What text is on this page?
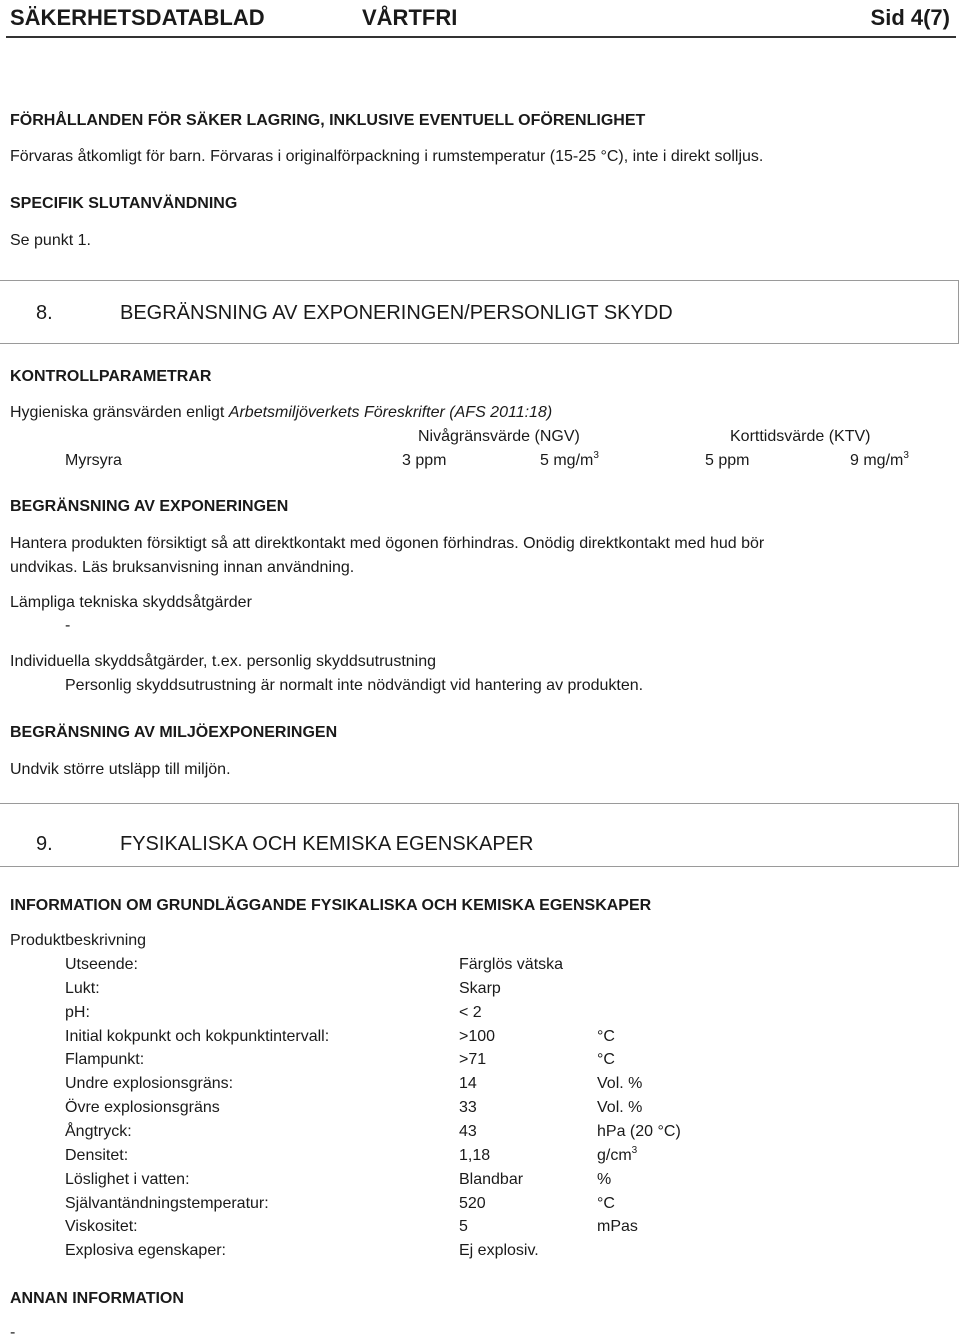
SÄKERHETSDATABLAD	VÅRTFRI	Sid 4(7)
FÖRHÅLLANDEN FÖR SÄKER LAGRING, INKLUSIVE EVENTUELL OFÖRENLIGHET
Förvaras åtkomligt för barn. Förvaras i originalförpackning i rumstemperatur (15-25 °C), inte i direkt solljus.
SPECIFIK SLUTANVÄNDNING
Se punkt 1.
8.	BEGRÄNSNING AV EXPONERINGEN/PERSONLIGT SKYDD
KONTROLLPARAMETRAR
Hygieniska gränsvärden enligt Arbetsmiljöverkets Föreskrifter (AFS 2011:18)
Nivågränsvärde (NGV)	Korttidsvärde (KTV)
Myrsyra	3 ppm	5 $mg/m^3$	5 ppm	9 $mg/m^3$
BEGRÄNSNING AV EXPONERINGEN
Hantera produkten försiktigt så att direktkontakt med ögonen förhindras. Onödig direktkontakt med hud bör
undvikas. Läs bruksanvisning innan användning.
Lämpliga tekniska skyddsåtgärder
-
Individuella skyddsåtgärder, t.ex. personlig skyddsutrustning
Personlig skyddsutrustning är normalt inte nödvändigt vid hantering av produkten.
BEGRÄNSNING AV MILJÖEXPONERINGEN
Undvik större utsläpp till miljön.
9.	FYSIKALISKA OCH KEMISKA EGENSKAPER
INFORMATION OM GRUNDLÄGGANDE FYSIKALISKA OCH KEMISKA EGENSKAPER
Produktbeskrivning
Utseende:	Färglös vätska
Lukt:	Skarp
pH:	< 2
Initial kokpunkt och kokpunktintervall:	>100	°C
Flampunkt:	>71	°C
Undre explosionsgräns:	14	Vol. %
Övre explosionsgräns	33	Vol. %
Ångtryck:	43	hPa (20 °C)
Densitet:	1,18	$g/cm^3$
Löslighet i vatten:	Blandbar	%
Självantändningstemperatur:	520	°C
Viskositet:	5	mPas
Explosiva egenskaper:	Ej explosiv.
ANNAN INFORMATION
-
